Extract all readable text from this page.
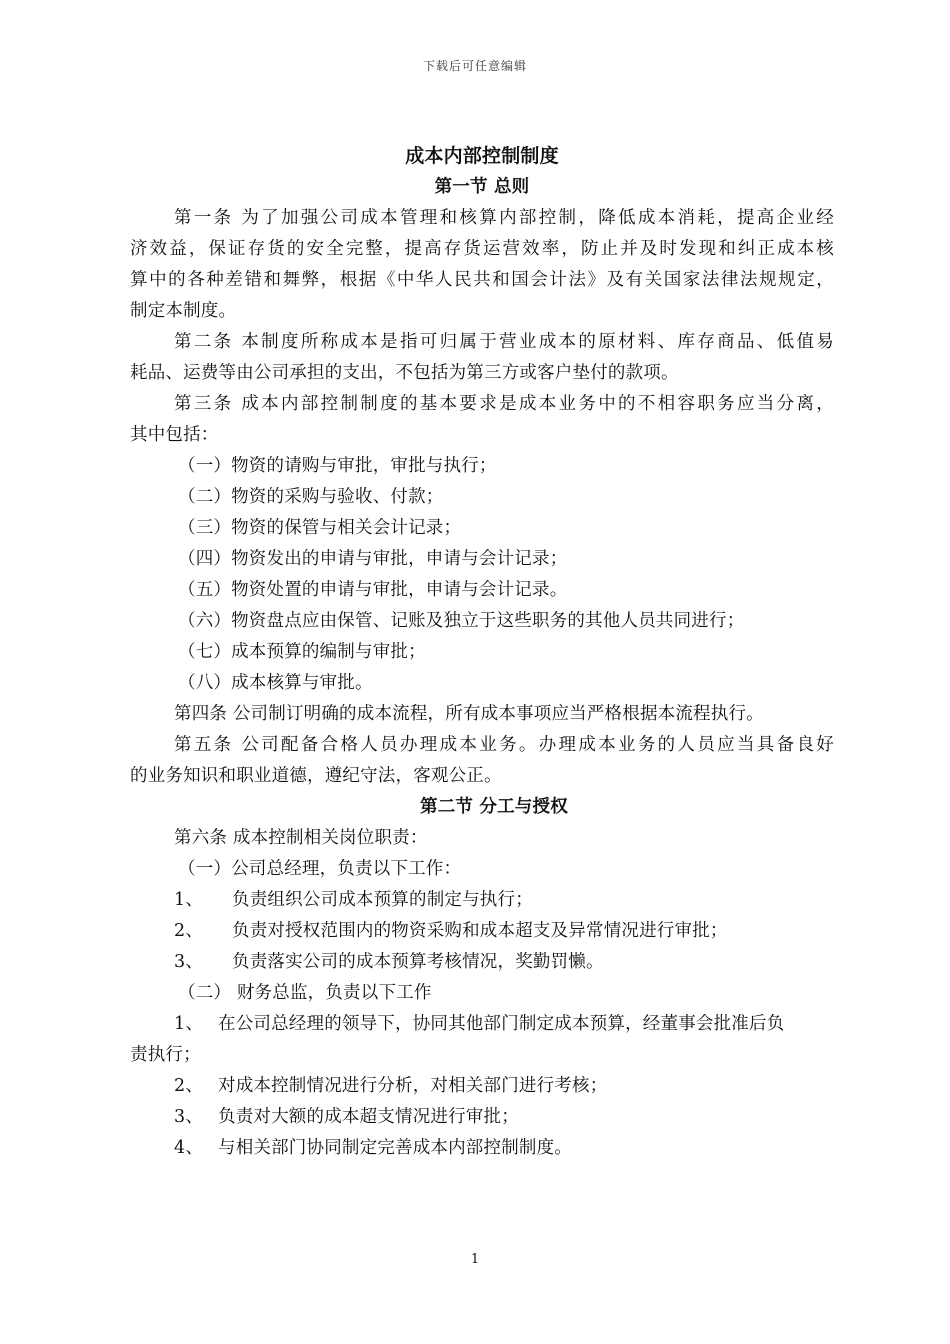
下载后可任意编辑
成本内部控制制度
第一节 总则
第一条 为了加强公司成本管理和核算内部控制，降低成本消耗，提高企业经
济效益，保证存货的安全完整，提高存货运营效率，防止并及时发现和纠正成本核
算中的各种差错和舞弊，根据《中华人民共和国会计法》及有关国家法律法规规定，
制定本制度。
第二条 本制度所称成本是指可归属于营业成本的原材料、库存商品、低值易
耗品、运费等由公司承担的支出，不包括为第三方或客户垫付的款项。
第三条 成本内部控制制度的基本要求是成本业务中的不相容职务应当分离，
其中包括：
（一）物资的请购与审批，审批与执行；
（二）物资的采购与验收、付款；
（三）物资的保管与相关会计记录；
（四）物资发出的申请与审批，申请与会计记录；
（五）物资处置的申请与审批，申请与会计记录。
（六）物资盘点应由保管、记账及独立于这些职务的其他人员共同进行；
（七）成本预算的编制与审批；
（八）成本核算与审批。
第四条 公司制订明确的成本流程，所有成本事项应当严格根据本流程执行。
第五条 公司配备合格人员办理成本业务。办理成本业务的人员应当具备良好
的业务知识和职业道德，遵纪守法，客观公正。
第二节 分工与授权
第六条 成本控制相关岗位职责：
（一）公司总经理，负责以下工作：
1、	负责组织公司成本预算的制定与执行；
2、	负责对授权范围内的物资采购和成本超支及异常情况进行审批；
3、	负责落实公司的成本预算考核情况，奖勤罚懒。
（二） 财务总监，负责以下工作
1、 在公司总经理的领导下，协同其他部门制定成本预算，经董事会批准后负
责执行；
2、 对成本控制情况进行分析，对相关部门进行考核；
3、 负责对大额的成本超支情况进行审批；
4、 与相关部门协同制定完善成本内部控制制度。
1
